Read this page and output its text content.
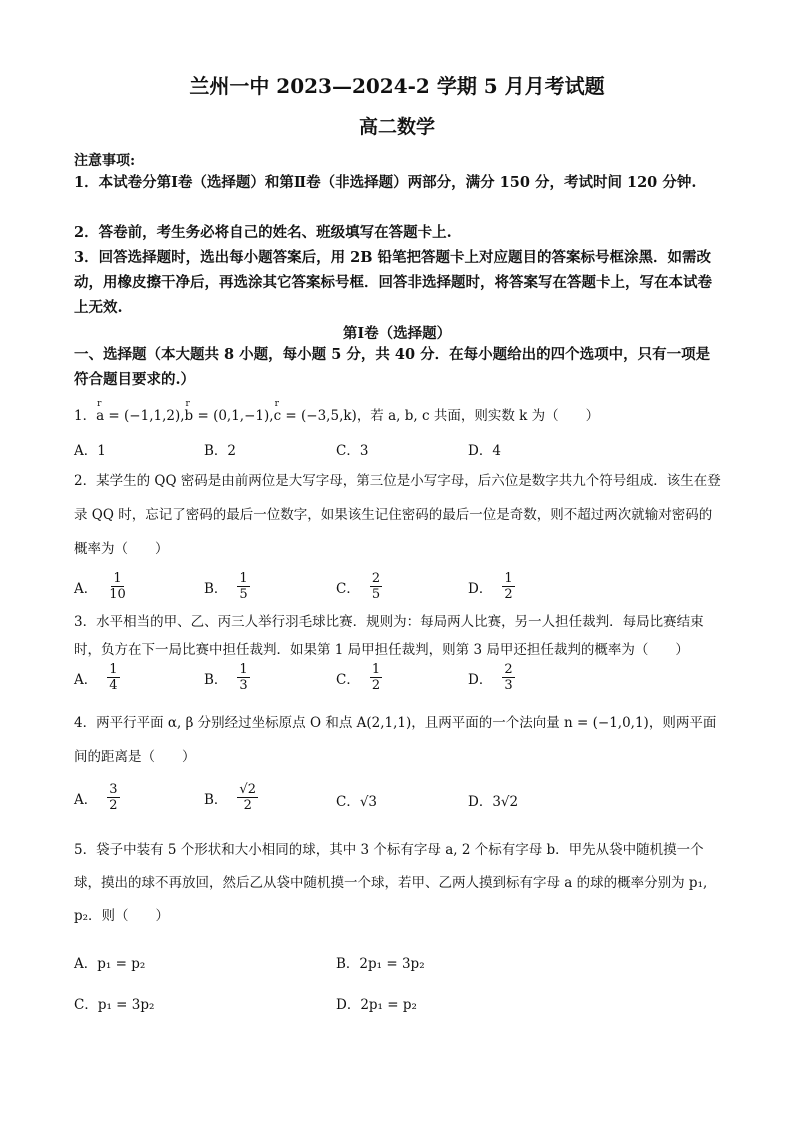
兰州一中 2023—2024-2 学期 5 月月考试题
高二数学
注意事项:
1．本试卷分第Ⅰ卷（选择题）和第Ⅱ卷（非选择题）两部分，满分 150 分，考试时间 120 分钟.
2．答卷前，考生务必将自己的姓名、班级填写在答题卡上.
3．回答选择题时，选出每小题答案后，用 2B 铅笔把答题卡上对应题目的答案标号框涂黑．如需改动，用橡皮擦干净后，再选涂其它答案标号框．回答非选择题时，将答案写在答题卡上，写在本试卷上无效.
第Ⅰ卷（选择题）
一、选择题（本大题共 8 小题，每小题 5 分，共 40 分．在每小题给出的四个选项中，只有一项是符合题目要求的.）
1．r a = (−1,1,2),r b = (0,1,−1),r c = (−3,5,k)，若 a, b, c 共面，则实数 k 为（　　）
A．1	B．2	C．3	D．4
2．某学生的 QQ 密码是由前两位是大写字母，第三位是小写字母，后六位是数字共九个符号组成．该生在登录 QQ 时，忘记了密码的最后一位数字，如果该生记住密码的最后一位是奇数，则不超过两次就输对密码的概率为（　　）
A． $\frac{1}{10}$	B． $\frac{1}{5}$	C． $\frac{2}{5}$	D． $\frac{1}{2}$
3．水平相当的甲、乙、丙三人举行羽毛球比赛．规则为：每局两人比赛，另一人担任裁判．每局比赛结束时，负方在下一局比赛中担任裁判．如果第 1 局甲担任裁判，则第 3 局甲还担任裁判的概率为（　　）
A． $\frac{1}{4}$	B． $\frac{1}{3}$	C． $\frac{1}{2}$	D． $\frac{2}{3}$
4．两平行平面 α, β 分别经过坐标原点 O 和点 A(2,1,1)，且两平面的一个法向量 n = (−1,0,1)，则两平面间的距离是（　　）
A． $\frac{3}{2}$	B． $\frac{√2}{2}$	C．√3	D．3√2
5．袋子中装有 5 个形状和大小相同的球，其中 3 个标有字母 a, 2 个标有字母 b．甲先从袋中随机摸一个球，摸出的球不再放回，然后乙从袋中随机摸一个球，若甲、乙两人摸到标有字母 a 的球的概率分别为 p₁, p₂．则（　　）
A．p₁ = p₂	B．2p₁ = 3p₂
C．p₁ = 3p₂	D．2p₁ = p₂
